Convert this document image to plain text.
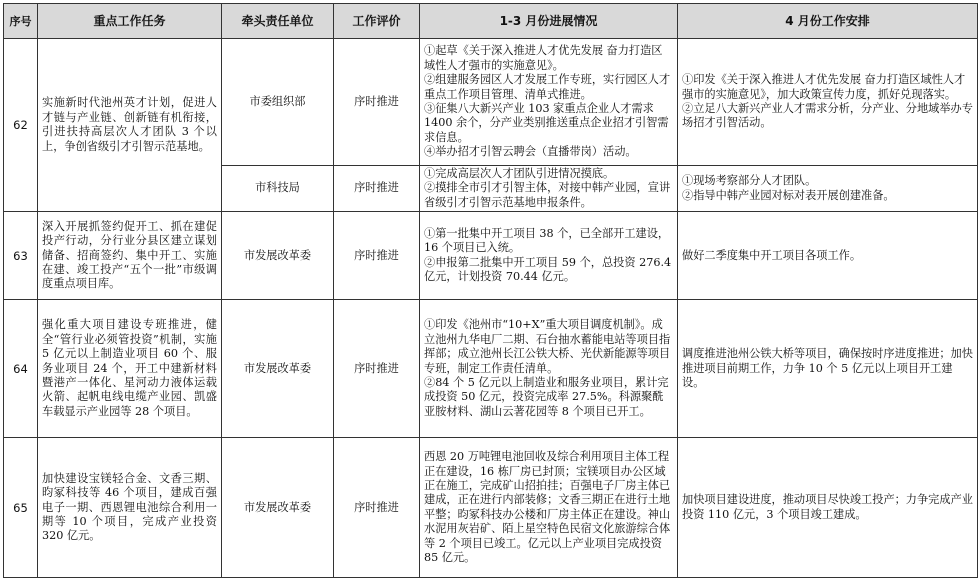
序号	重点工作任务	牵头责任单位	工作评价	1-3 月份进展情况	4 月份工作安排
62	实施新时代池州英才计划，促进人才链与产业链、创新链有机衔接，引进扶持高层次人才团队 3 个以上，争创省级引才引智示范基地。	市委组织部	序时推进	①起草《关于深入推进人才优先发展 奋力打造区域性人才强市的实施意见》。
②组建服务园区人才发展工作专班，实行园区人才重点工作项目管理、清单式推进。
③征集八大新兴产业 103 家重点企业人才需求 1400 余个，分产业类别推送重点企业招才引智需求信息。
④举办招才引智云聘会（直播带岗）活动。	①印发《关于深入推进人才优先发展 奋力打造区域性人才强市的实施意见》，加大政策宣传力度，抓好兑现落实。
②立足八大新兴产业人才需求分析，分产业、分地域举办专场招才引智活动。
		市科技局	序时推进	①完成高层次人才团队引进情况摸底。
②摸排全市引才引智主体，对接中韩产业园，宣讲省级引才引智示范基地申报条件。	①现场考察部分人才团队。
②指导中韩产业园对标对表开展创建准备。
63	深入开展抓签约促开工、抓在建促投产行动，分行业分县区建立谋划储备、招商签约、集中开工、实施在建、竣工投产“五个一批”市级调度重点项目库。	市发展改革委	序时推进	①第一批集中开工项目 38 个，已全部开工建设，16 个项目已入统。
②申报第二批集中开工项目 59 个，总投资 276.4 亿元，计划投资 70.44 亿元。	做好二季度集中开工项目各项工作。
64	强化重大项目建设专班推进，健全“管行业必须管投资”机制，实施 5 亿元以上制造业项目 60 个、服务业项目 24 个，开工中建新材料暨港产一体化、星河动力液体运载火箭、起帆电线电缆产业园、凯盛车载显示产业园等 28 个项目。	市发展改革委	序时推进	①印发《池州市“10+X”重大项目调度机制》。成立池州九华电厂二期、石台抽水蓄能电站等项目指挥部；成立池州长江公铁大桥、光伏新能源等项目专班，制定工作责任清单。
②84 个 5 亿元以上制造业和服务业项目，累计完成投资 50 亿元，投资完成率 27.5%。科源聚酰亚胺材料、湖山云著花园等 8 个项目已开工。	调度推进池州公铁大桥等项目，确保按时序进度推进；加快推进项目前期工作，力争 10 个 5 亿元以上项目开工建设。
65	加快建设宝镁轻合金、文香三期、昀冢科技等 46 个项目，建成百强电子一期、西恩锂电池综合利用一期等 10 个项目，完成产业投资 320 亿元。	市发展改革委	序时推进	西恩 20 万吨锂电池回收及综合利用项目主体工程正在建设，16 栋厂房已封顶；宝镁项目办公区域正在施工，完成矿山招拍挂；百强电子厂房主体已建成，正在进行内部装修；文香三期正在进行土地平整；昀冢科技办公楼和厂房主体正在建设。神山水泥用灰岩矿、陌上星空特色民宿文化旅游综合体等 2 个项目已竣工。亿元以上产业项目完成投资 85 亿元。	加快项目建设进度，推动项目尽快竣工投产；力争完成产业投资 110 亿元，3 个项目竣工建成。
